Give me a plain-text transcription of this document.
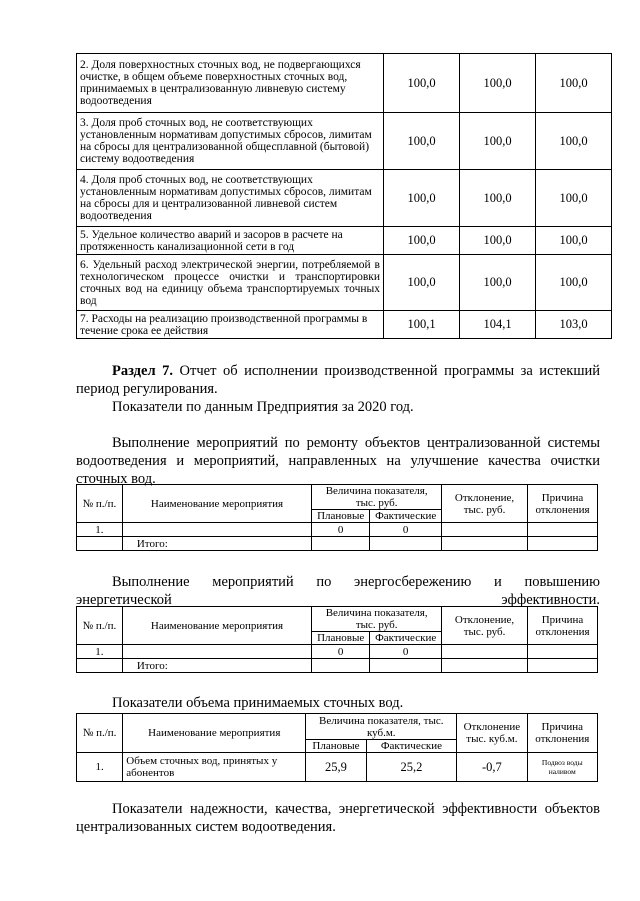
2. Доля поверхностных сточных вод, не подвергающихся очистке, в общем объеме поверхностных сточных вод, принимаемых в централизованную ливневую систему водоотведения	100,0	100,0	100,0
3. Доля проб сточных вод, не соответствующих установленным нормативам допустимых сбросов, лимитам на сбросы для централизованной общесплавной (бытовой) систему водоотведения	100,0	100,0	100,0
4. Доля проб сточных вод, не соответствующих установленным нормативам допустимых сбросов, лимитам на сбросы для и централизованной ливневой систем водоотведения	100,0	100,0	100,0
5. Удельное количество аварий и засоров в расчете на протяженность канализационной сети в год	100,0	100,0	100,0
6. Удельный расход электрической энергии, потребляемой в технологическом процессе очистки и транспортировки сточных вод на единицу объема транспортируемых точных вод	100,0	100,0	100,0
7. Расходы на реализацию производственной программы в течение срока ее действия	100,1	104,1	103,0
Раздел 7. Отчет об исполнении производственной программы за истекший период регулирования.
Показатели по данным Предприятия за 2020 год.
Выполнение мероприятий по ремонту объектов централизованной системы водоотведения и мероприятий, направленных на улучшение качества очистки сточных вод.
№ п./п.	Наименование мероприятия	Величина показателя, тыс. руб.		Отклонение, тыс. руб.	Причина отклонения
		Плановые	Фактические		
1.		0	0		
	Итого:				
Выполнение мероприятий по энергосбережению и повышению энергетической эффективности.
№ п./п.	Наименование мероприятия	Величина показателя, тыс. руб.		Отклонение, тыс. руб.	Причина отклонения
		Плановые	Фактические		
1.		0	0		
	Итого:				
Показатели объема принимаемых сточных вод.
№ п./п.	Наименование мероприятия	Величина показателя, тыс. куб.м.		Отклонение тыс. куб.м.	Причина отклонения
		Плановые	Фактические		
1.	Объем сточных вод, принятых у абонентов	25,9	25,2	-0,7	Подвоз воды наливом
Показатели надежности, качества, энергетической эффективности объектов централизованных систем водоотведения.
